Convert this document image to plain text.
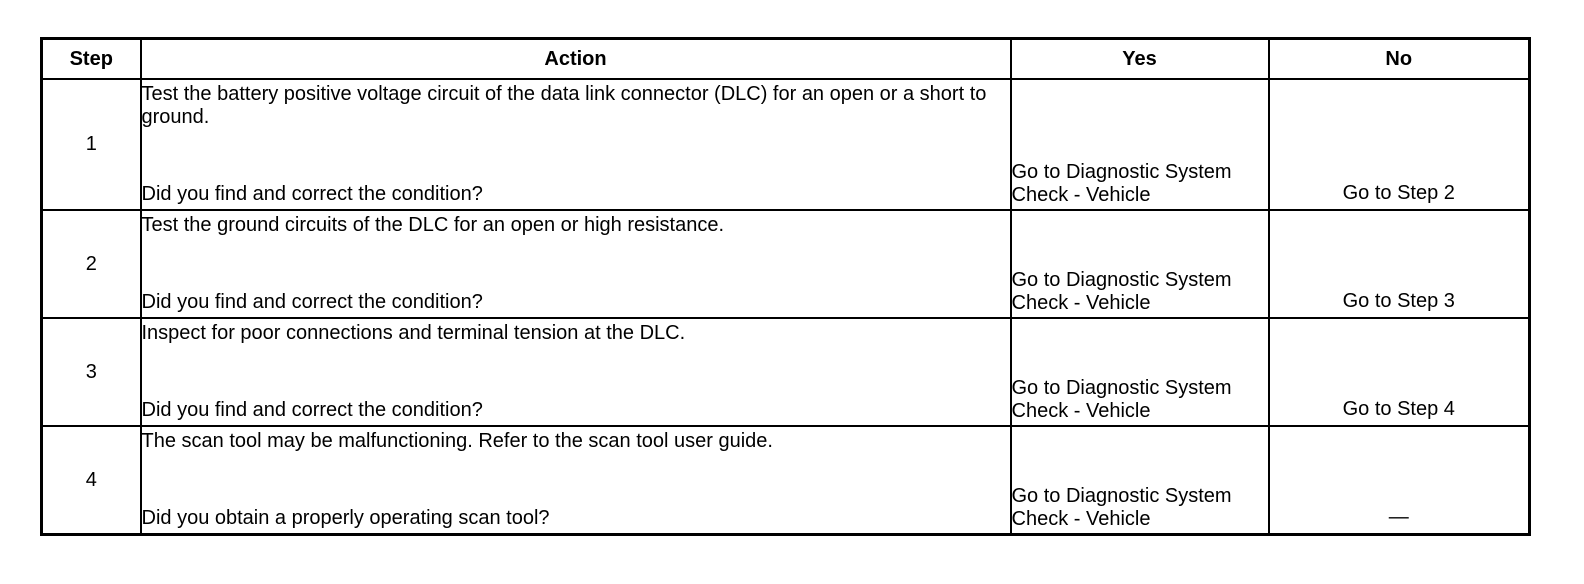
Step	Action	Yes	No
1	Test the battery positive voltage circuit of the data link connector (DLC) for an open or a short to ground.
Did you find and correct the condition?	Go to Diagnostic System Check - Vehicle	Go to Step 2

2	Test the ground circuits of the DLC for an open or high resistance.
Did you find and correct the condition?	Go to Diagnostic System Check - Vehicle	Go to Step 3

3	Inspect for poor connections and terminal tension at the DLC.
Did you find and correct the condition?	Go to Diagnostic System Check - Vehicle	Go to Step 4

4	The scan tool may be malfunctioning. Refer to the scan tool user guide.
Did you obtain a properly operating scan tool?	Go to Diagnostic System Check - Vehicle	—
